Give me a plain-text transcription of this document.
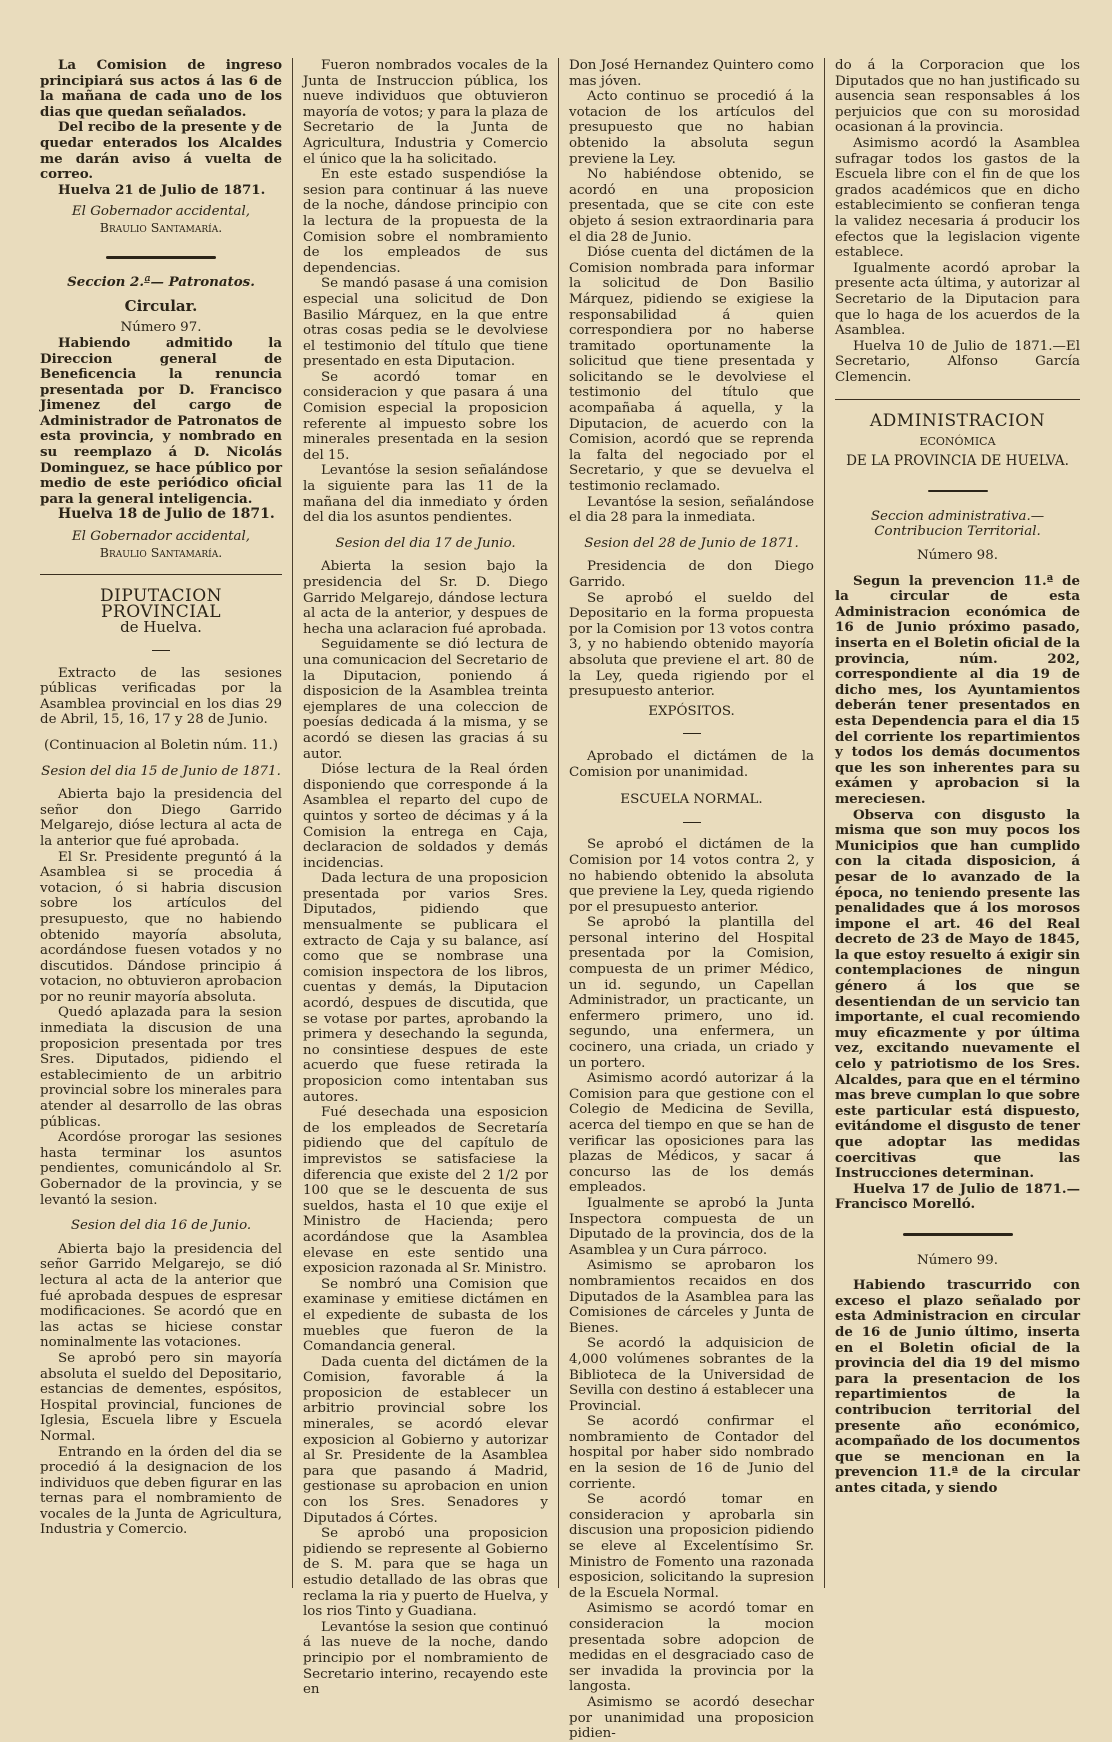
La Comision de ingreso principiará sus actos á las 6 de la mañana de cada uno de los dias que quedan señalados.

Del recibo de la presente y de quedar enterados los Alcaldes me darán aviso á vuelta de correo.

Huelva 21 de Julio de 1871.

El Gobernador accidental,
Braulio Santamaría.
Seccion 2.ª— Patronatos.
Circular.
Número 97.

Habiendo admitido la Direccion general de Beneficencia la renuncia presentada por D. Francisco Jimenez del cargo de Administrador de Patronatos de esta provincia, y nombrado en su reemplazo á D. Nicolás Dominguez, se hace público por medio de este periódico oficial para la general inteligencia.

Huelva 18 de Julio de 1871.

El Gobernador accidental,
Braulio Santamaría.
DIPUTACION PROVINCIAL
de Huelva.

Extracto de las sesiones públicas verificadas por la Asamblea provincial en los dias 29 de Abril, 15, 16, 17 y 28 de Junio.

(Continuacion al Boletin núm. 11.)
Sesion del dia 15 de Junio de 1871.

Abierta bajo la presidencia del señor don Diego Garrido Melgarejo, dióse lectura al acta de la anterior que fué aprobada.

El Sr. Presidente preguntó á la Asamblea si se procedia á votacion, ó si habria discusion sobre los artículos del presupuesto, que no habiendo obtenido mayoría absoluta, acordándose fuesen votados y no discutidos. Dándose principio á votacion, no obtuvieron aprobacion por no reunir mayoría absoluta.

Quedó aplazada para la sesion inmediata la discusion de una proposicion presentada por tres Sres. Diputados, pidiendo el establecimiento de un arbitrio provincial sobre los minerales para atender al desarrollo de las obras públicas.

Acordóse prorogar las sesiones hasta terminar los asuntos pendientes, comunicándolo al Sr. Gobernador de la provincia, y se levantó la sesion.

Sesion del dia 16 de Junio.

Abierta bajo la presidencia del señor Garrido Melgarejo, se dió lectura al acta de la anterior que fué aprobada despues de espresar modificaciones. Se acordó que en las actas se hiciese constar nominalmente las votaciones.

Se aprobó pero sin mayoría absoluta el sueldo del Depositario, estancias de dementes, espósitos, Hospital provincial, funciones de Iglesia, Escuela libre y Escuela Normal.

Entrando en la órden del dia se procedió á la designacion de los individuos que deben figurar en las ternas para el nombramiento de vocales de la Junta de Agricultura, Industria y Comercio.

Fueron nombrados vocales de la Junta de Instruccion pública, los nueve individuos que obtuvieron mayoría de votos; y para la plaza de Secretario de la Junta de Agricultura, Industria y Comercio el único que la ha solicitado.

En este estado suspendióse la sesion para continuar á las nueve de la noche, dándose principio con la lectura de la propuesta de la Comision sobre el nombramiento de los empleados de sus dependencias.

Se mandó pasase á una comision especial una solicitud de Don Basilio Márquez, en la que entre otras cosas pedia se le devolviese el testimonio del título que tiene presentado en esta Diputacion.

Se acordó tomar en consideracion y que pasara á una Comision especial la proposicion referente al impuesto sobre los minerales presentada en la sesion del 15.

Levantóse la sesion señalándose la siguiente para las 11 de la mañana del dia inmediato y órden del dia los asuntos pendientes.

Sesion del dia 17 de Junio.

Abierta la sesion bajo la presidencia del Sr. D. Diego Garrido Melgarejo, dándose lectura al acta de la anterior, y despues de hecha una aclaracion fué aprobada.

Seguidamente se dió lectura de una comunicacion del Secretario de la Diputacion, poniendo á disposicion de la Asamblea treinta ejemplares de una coleccion de poesías dedicada á la misma, y se acordó se diesen las gracias á su autor.

Dióse lectura de la Real órden disponiendo que corresponde á la Asamblea el reparto del cupo de quintos y sorteo de décimas y á la Comision la entrega en Caja, declaracion de soldados y demás incidencias.

Dada lectura de una proposicion presentada por varios Sres. Diputados, pidiendo que mensualmente se publicara el extracto de Caja y su balance, así como que se nombrase una comision inspectora de los libros, cuentas y demás, la Diputacion acordó, despues de discutida, que se votase por partes, aprobando la primera y desechando la segunda, no consintiese despues de este acuerdo que fuese retirada la proposicion como intentaban sus autores.

Fué desechada una esposicion de los empleados de Secretaría pidiendo que del capítulo de imprevistos se satisfaciese la diferencia que existe del 2 1/2 por 100 que se le descuenta de sus sueldos, hasta el 10 que exije el Ministro de Hacienda; pero acordándose que la Asamblea elevase en este sentido una exposicion razonada al Sr. Ministro.

Se nombró una Comision que examinase y emitiese dictámen en el expediente de subasta de los muebles que fueron de la Comandancia general.

Dada cuenta del dictámen de la Comision, favorable á la proposicion de establecer un arbitrio provincial sobre los minerales, se acordó elevar exposicion al Gobierno y autorizar al Sr. Presidente de la Asamblea para que pasando á Madrid, gestionase su aprobacion en union con los Sres. Senadores y Diputados á Córtes.

Se aprobó una proposicion pidiendo se represente al Gobierno de S. M. para que se haga un estudio detallado de las obras que reclama la ria y puerto de Huelva, y los rios Tinto y Guadiana.

Levantóse la sesion que continuó á las nueve de la noche, dando principio por el nombramiento de Secretario interino, recayendo este en

Don José Hernandez Quintero como mas jóven.

Acto continuo se procedió á la votacion de los artículos del presupuesto que no habian obtenido la absoluta segun previene la Ley.

No habiéndose obtenido, se acordó en una proposicion presentada, que se cite con este objeto á sesion extraordinaria para el dia 28 de Junio.

Dióse cuenta del dictámen de la Comision nombrada para informar la solicitud de Don Basilio Márquez, pidiendo se exigiese la responsabilidad á quien correspondiera por no haberse tramitado oportunamente la solicitud que tiene presentada y solicitando se le devolviese el testimonio del título que acompañaba á aquella, y la Diputacion, de acuerdo con la Comision, acordó que se reprenda la falta del negociado por el Secretario, y que se devuelva el testimonio reclamado.

Levantóse la sesion, señalándose el dia 28 para la inmediata.

Sesion del 28 de Junio de 1871.

Presidencia de don Diego Garrido.

Se aprobó el sueldo del Depositario en la forma propuesta por la Comision por 13 votos contra 3, y no habiendo obtenido mayoría absoluta que previene el art. 80 de la Ley, queda rigiendo por el presupuesto anterior.

EXPÓSITOS.

Aprobado el dictámen de la Comision por unanimidad.

ESCUELA NORMAL.

Se aprobó el dictámen de la Comision por 14 votos contra 2, y no habiendo obtenido la absoluta que previene la Ley, queda rigiendo por el presupuesto anterior.

Se aprobó la plantilla del personal interino del Hospital presentada por la Comision, compuesta de un primer Médico, un id. segundo, un Capellan Administrador, un practicante, un enfermero primero, uno id. segundo, una enfermera, un cocinero, una criada, un criado y un portero.

Asimismo acordó autorizar á la Comision para que gestione con el Colegio de Medicina de Sevilla, acerca del tiempo en que se han de verificar las oposiciones para las plazas de Médicos, y sacar á concurso las de los demás empleados.

Igualmente se aprobó la Junta Inspectora compuesta de un Diputado de la provincia, dos de la Asamblea y un Cura párroco.

Asimismo se aprobaron los nombramientos recaidos en dos Diputados de la Asamblea para las Comisiones de cárceles y Junta de Bienes.

Se acordó la adquisicion de 4,000 volúmenes sobrantes de la Biblioteca de la Universidad de Sevilla con destino á establecer una Provincial.

Se acordó confirmar el nombramiento de Contador del hospital por haber sido nombrado en la sesion de 16 de Junio del corriente.

Se acordó tomar en consideracion y aprobarla sin discusion una proposicion pidiendo se eleve al Excelentísimo Sr. Ministro de Fomento una razonada esposicion, solicitando la supresion de la Escuela Normal.

Asimismo se acordó tomar en consideracion la mocion presentada sobre adopcion de medidas en el desgraciado caso de ser invadida la provincia por la langosta.

Asimismo se acordó desechar por unanimidad una proposicion pidien-

do á la Corporacion que los Diputados que no han justificado su ausencia sean responsables á los perjuicios que con su morosidad ocasionan á la provincia.

Asimismo acordó la Asamblea sufragar todos los gastos de la Escuela libre con el fin de que los grados académicos que en dicho establecimiento se confieran tenga la validez necesaria á producir los efectos que la legislacion vigente establece.

Igualmente acordó aprobar la presente acta última, y autorizar al Secretario de la Diputacion para que lo haga de los acuerdos de la Asamblea.

Huelva 10 de Julio de 1871.—El Secretario, Alfonso García Clemencin.

ADMINISTRACION
ECONÓMICA
DE LA PROVINCIA DE HUELVA.
Seccion administrativa.—Contribucion Territorial.
Número 98.

Segun la prevencion 11.ª de la circular de esta Administracion económica de 16 de Junio próximo pasado, inserta en el Boletin oficial de la provincia, núm. 202, correspondiente al dia 19 de dicho mes, los Ayuntamientos deberán tener presentados en esta Dependencia para el dia 15 del corriente los repartimientos y todos los demás documentos que les son inherentes para su exámen y aprobacion si la mereciesen.

Observa con disgusto la misma que son muy pocos los Municipios que han cumplido con la citada disposicion, á pesar de lo avanzado de la época, no teniendo presente las penalidades que á los morosos impone el art. 46 del Real decreto de 23 de Mayo de 1845, la que estoy resuelto á exigir sin contemplaciones de ningun género á los que se desentiendan de un servicio tan importante, el cual recomiendo muy eficazmente y por última vez, excitando nuevamente el celo y patriotismo de los Sres. Alcaldes, para que en el término mas breve cumplan lo que sobre este particular está dispuesto, evitándome el disgusto de tener que adoptar las medidas coercitivas que las Instrucciones determinan.

Huelva 17 de Julio de 1871.—Francisco Morelló.

Número 99.

Habiendo trascurrido con exceso el plazo señalado por esta Administracion en circular de 16 de Junio último, inserta en el Boletin oficial de la provincia del dia 19 del mismo para la presentacion de los repartimientos de la contribucion territorial del presente año económico, acompañado de los documentos que se mencionan en la prevencion 11.ª de la circular antes citada, y siendo
